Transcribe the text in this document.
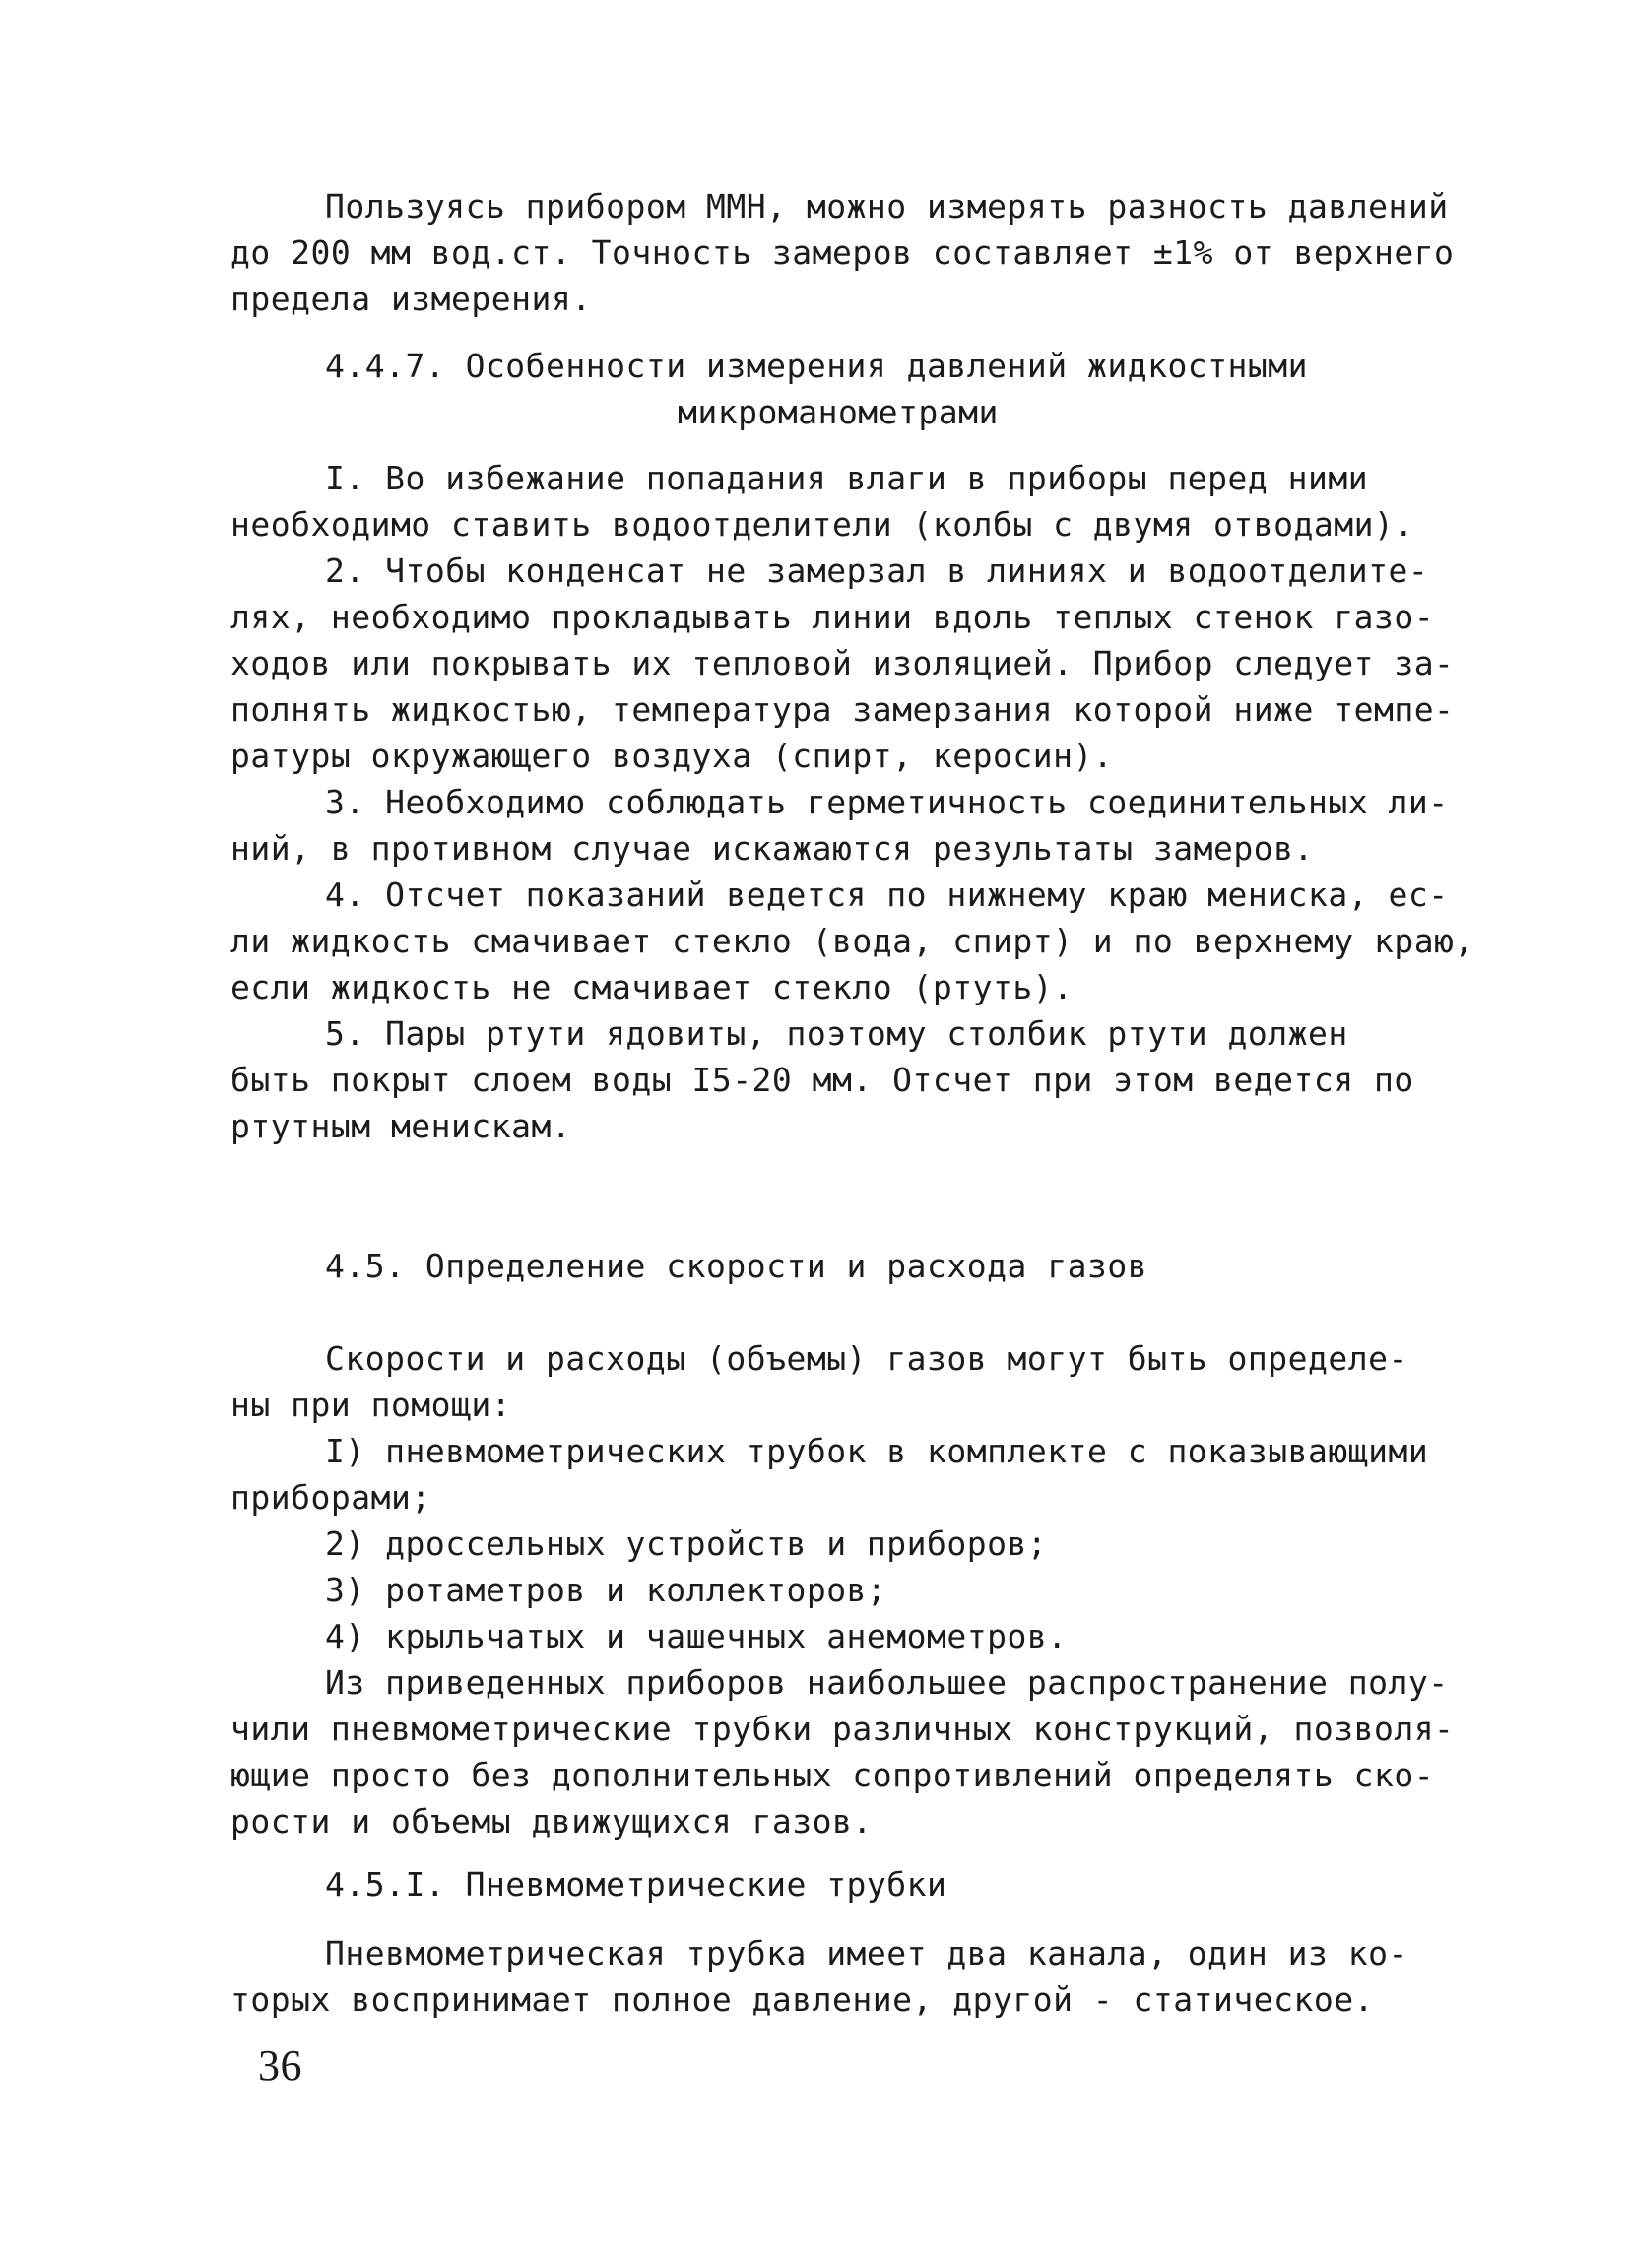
Пользуясь прибором ММН, можно измерять разность давлений
до 200 мм вод.ст. Точность замеров составляет ±1% от верхнего
предела измерения.
4.4.7. Особенности измерения давлений жидкостными
микроманометрами
I. Во избежание попадания влаги в приборы перед ними
необходимо ставить водоотделители (колбы с двумя отводами).
2. Чтобы конденсат не замерзал в линиях и водоотделите-
лях, необходимо прокладывать линии вдоль теплых стенок газо-
ходов или покрывать их тепловой изоляцией. Прибор следует за-
полнять жидкостью, температура замерзания которой ниже темпе-
ратуры окружающего воздуха (спирт, керосин).
3. Необходимо соблюдать герметичность соединительных ли-
ний, в противном случае искажаются результаты замеров.
4. Отсчет показаний ведется по нижнему краю мениска, ес-
ли жидкость смачивает стекло (вода, спирт) и по верхнему краю,
если жидкость не смачивает стекло (ртуть).
5. Пары ртути ядовиты, поэтому столбик ртути должен
быть покрыт слоем воды I5-20 мм. Отсчет при этом ведется по
ртутным менискам.
4.5. Определение скорости и расхода газов
Скорости и расходы (объемы) газов могут быть определе-
ны при помощи:
I) пневмометрических трубок в комплекте с показывающими
приборами;
2) дроссельных устройств и приборов;
3) ротаметров и коллекторов;
4) крыльчатых и чашечных анемометров.
Из приведенных приборов наибольшее распространение полу-
чили пневмометрические трубки различных конструкций, позволя-
ющие просто без дополнительных сопротивлений определять ско-
рости и объемы движущихся газов.
4.5.I. Пневмометрические трубки
Пневмометрическая трубка имеет два канала, один из ко-
торых воспринимает полное давление, другой - статическое.
36
